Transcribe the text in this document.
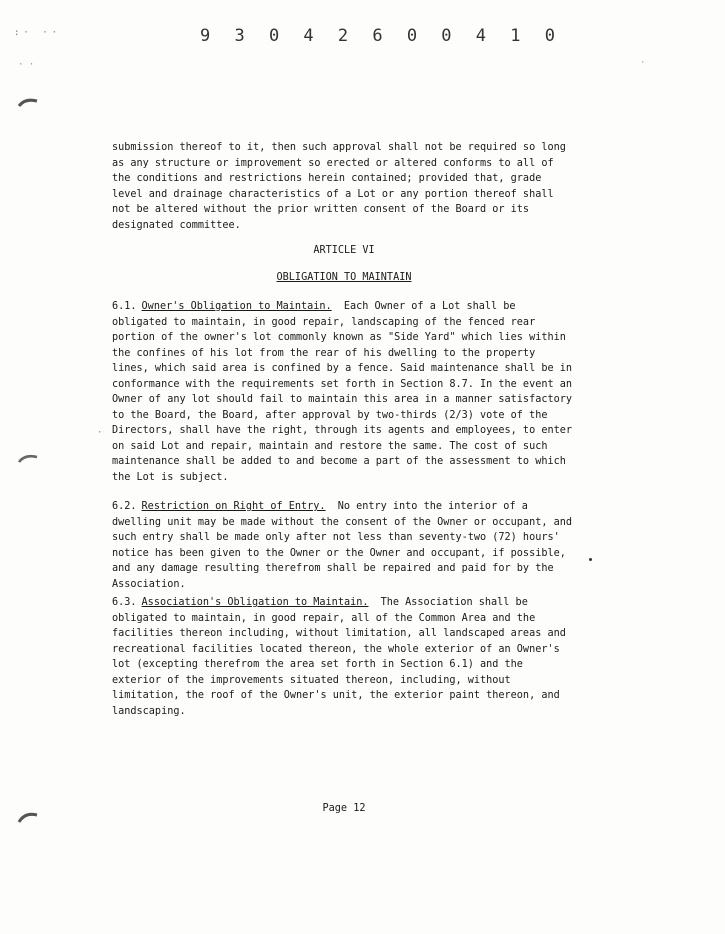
:· ··
· ·	·
9 3 0 4 2 6 0 0 4 1 0
submission thereof to it, then such approval shall not be required so long as any structure or improvement so erected or altered conforms to all of the conditions and restrictions herein contained; provided that, grade level and drainage characteristics of a Lot or any portion thereof shall not be altered without the prior written consent of the Board or its designated committee.
ARTICLE VI
OBLIGATION TO MAINTAIN
6.1. Owner's Obligation to Maintain. Each Owner of a Lot shall be obligated to maintain, in good repair, landscaping of the fenced rear portion of the owner's lot commonly known as "Side Yard" which lies within the confines of his lot from the rear of his dwelling to the property lines, which said area is confined by a fence. Said maintenance shall be in conformance with the requirements set forth in Section 8.7. In the event an Owner of any lot should fail to maintain this area in a manner satisfactory to the Board, the Board, after approval by two-thirds (2/3) vote of the Directors, shall have the right, through its agents and employees, to enter on said Lot and repair, maintain and restore the same. The cost of such maintenance shall be added to and become a part of the assessment to which the Lot is subject.
·
6.2. Restriction on Right of Entry. No entry into the interior of a dwelling unit may be made without the consent of the Owner or occupant, and such entry shall be made only after not less than seventy-two (72) hours' notice has been given to the Owner or the Owner and occupant, if possible, and any damage resulting therefrom shall be repaired and paid for by the Association.
6.3. Association's Obligation to Maintain. The Association shall be obligated to maintain, in good repair, all of the Common Area and the facilities thereon including, without limitation, all landscaped areas and recreational facilities located thereon, the whole exterior of an Owner's lot (excepting therefrom the area set forth in Section 6.1) and the exterior of the improvements situated thereon, including, without limitation, the roof of the Owner's unit, the exterior paint thereon, and landscaping.
Page 12
